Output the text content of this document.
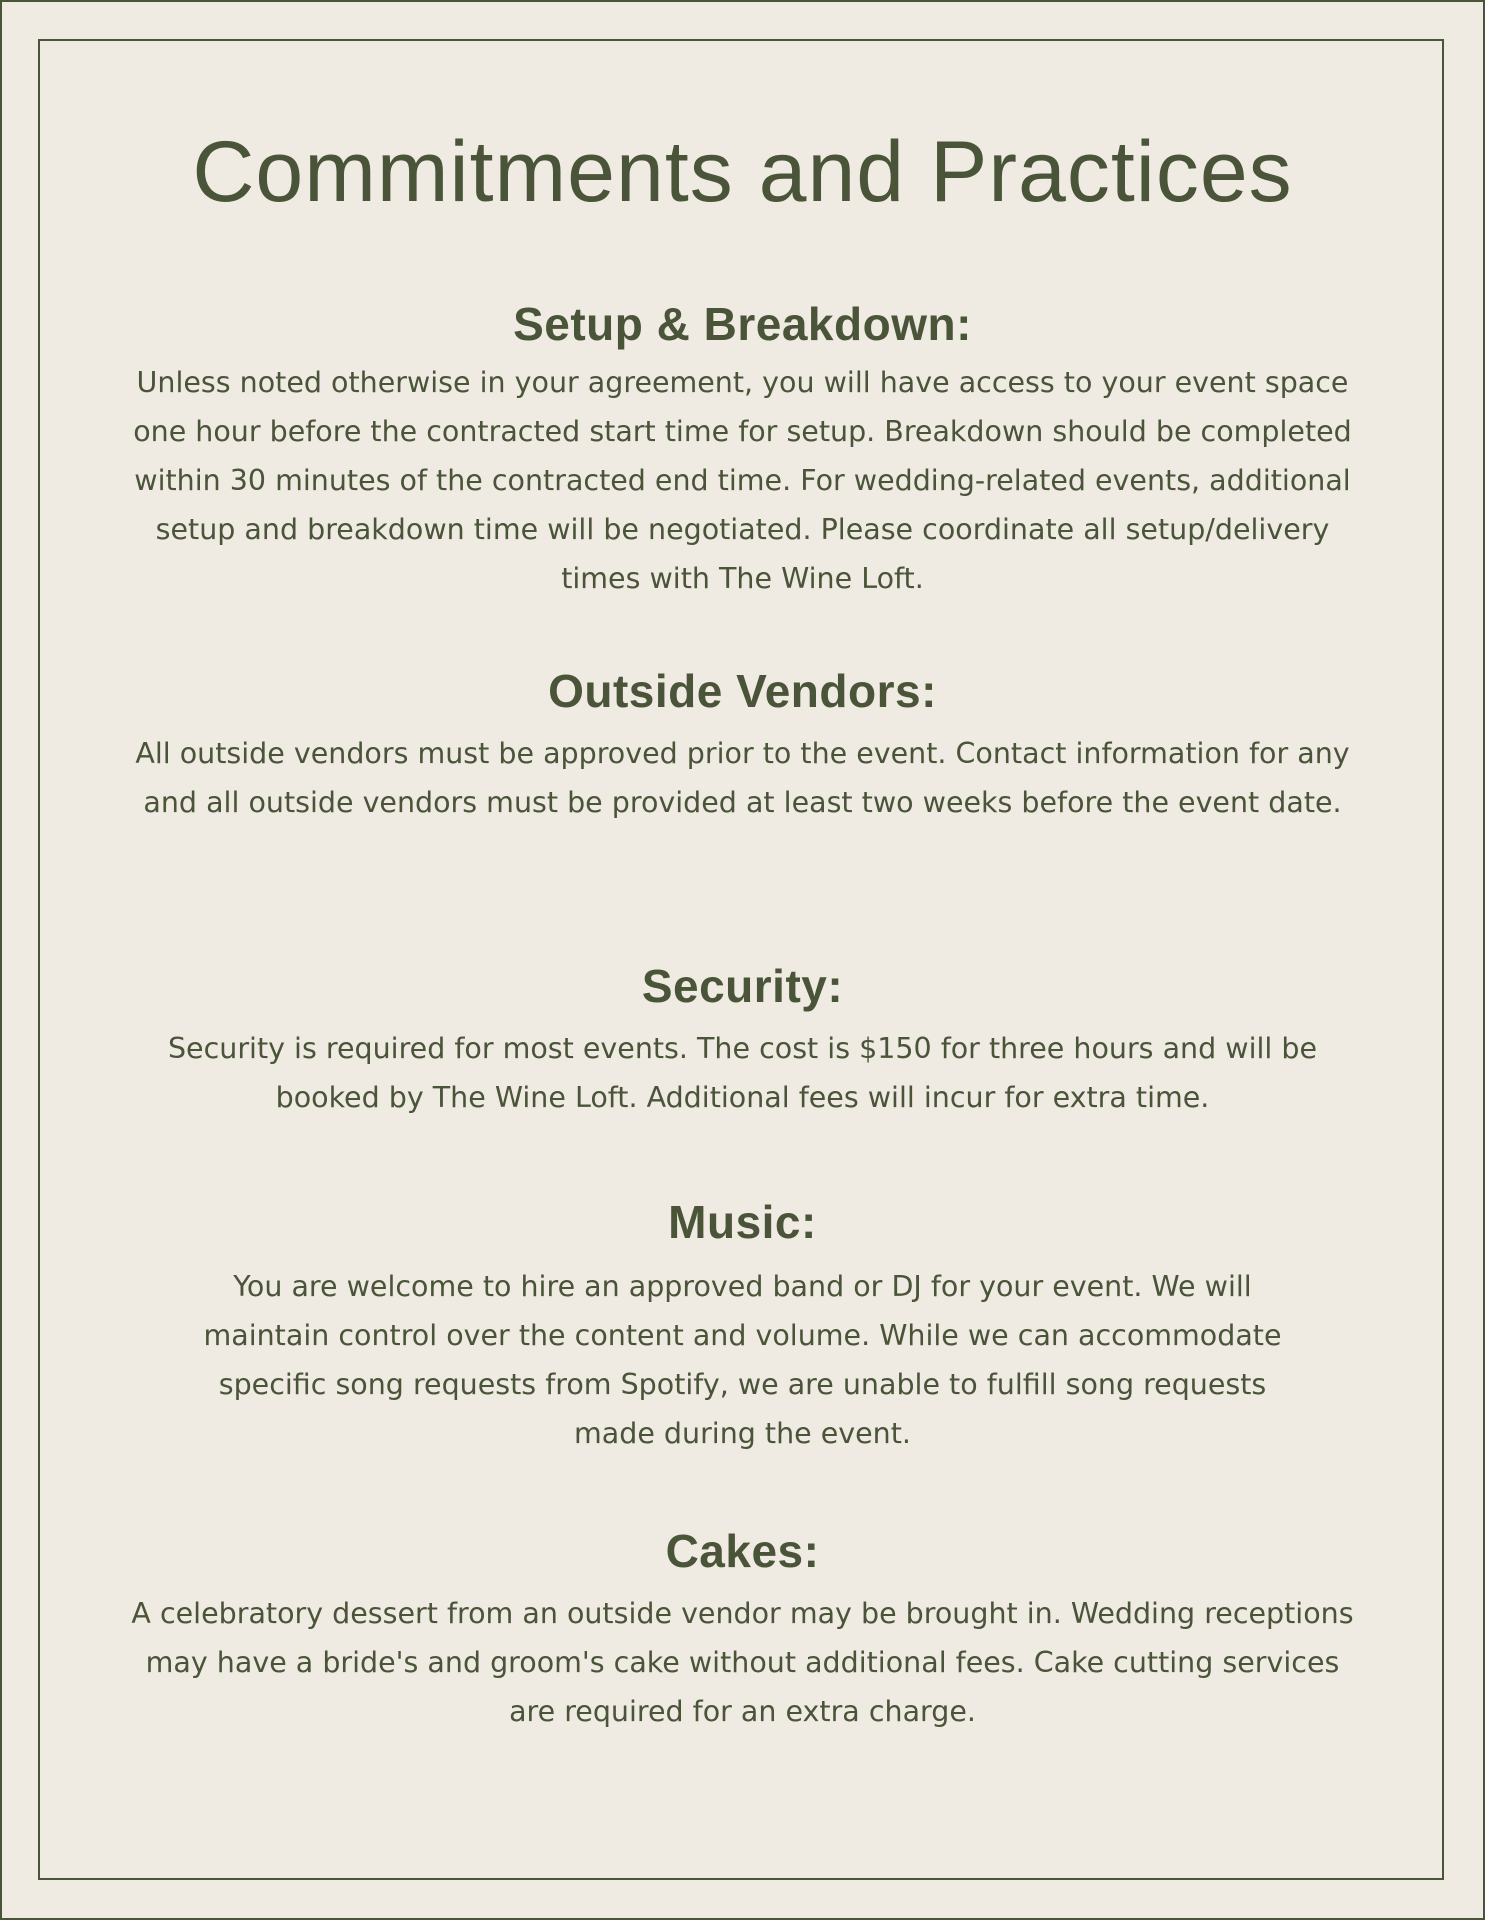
Commitments and Practices
Setup & Breakdown:

Unless noted otherwise in your agreement, you will have access to your event space one hour before the contracted start time for setup. Breakdown should be completed within 30 minutes of the contracted end time. For wedding-related events, additional setup and breakdown time will be negotiated. Please coordinate all setup/delivery times with The Wine Loft.

Outside Vendors:

All outside vendors must be approved prior to the event. Contact information for any and all outside vendors must be provided at least two weeks before the event date.

Security:

Security is required for most events. The cost is $150 for three hours and will be booked by The Wine Loft. Additional fees will incur for extra time.

Music:

You are welcome to hire an approved band or DJ for your event. We will maintain control over the content and volume. While we can accommodate specific song requests from Spotify, we are unable to fulfill song requests made during the event.

Cakes:

A celebratory dessert from an outside vendor may be brought in. Wedding receptions may have a bride's and groom's cake without additional fees. Cake cutting services are required for an extra charge.
